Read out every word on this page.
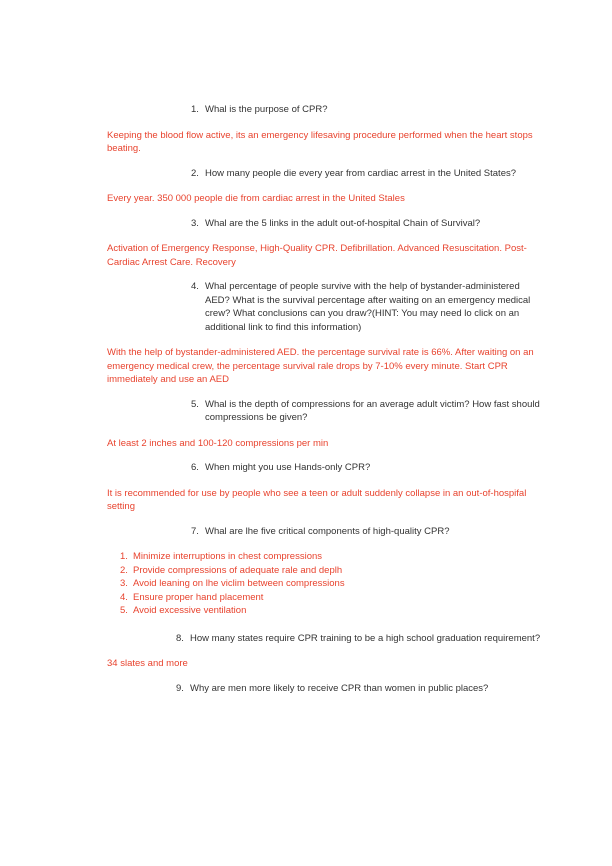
1. Whal is the purpose of CPR?

Keeping the blood flow active, its an emergency lifesaving procedure performed when the heart stops beating.

2. How many people die every year from cardiac arrest in the United States?

Every year. 350 000 people die from cardiac arrest in the United Stales

3. Whal are the 5 links in the adult out-of-hospital Chain of Survival?

Activation of Emergency Response, High-Quality CPR. Defibrillation. Advanced Resuscitation. Post-Cardiac Arrest Care. Recovery

4. Whal percentage of people survive with the help of bystander-administered AED? What is the survival percentage after waiting on an emergency medical crew? What conclusions can you draw?(HINT: You may need lo click on an additional link to find this information)

With the help of bystander-administered AED. the percentage survival rate is 66%. After waiting on an emergency medical crew, the percentage survival rale drops by 7-10% every minute. Start CPR immediately and use an AED

5. Whal is the depth of compressions for an average adult victim? How fast should compressions be given?

At least 2 inches and 100-120 compressions per min

6. When might you use Hands-only CPR?

It is recommended for use by people who see a teen or adult suddenly collapse in an out-of-hospifal setting

7. Whal are lhe five critical components of high-quality CPR?
1. Minimize interruptions in chest compressions
2. Provide compressions of adequate rale and deplh
3. Avoid leaning on lhe viclim between compressions
4. Ensure proper hand placement
5. Avoid excessive ventilation
8. How many states require CPR training to be a high school graduation requirement?

34 slates and more

9. Why are men more likely to receive CPR than women in public places?
